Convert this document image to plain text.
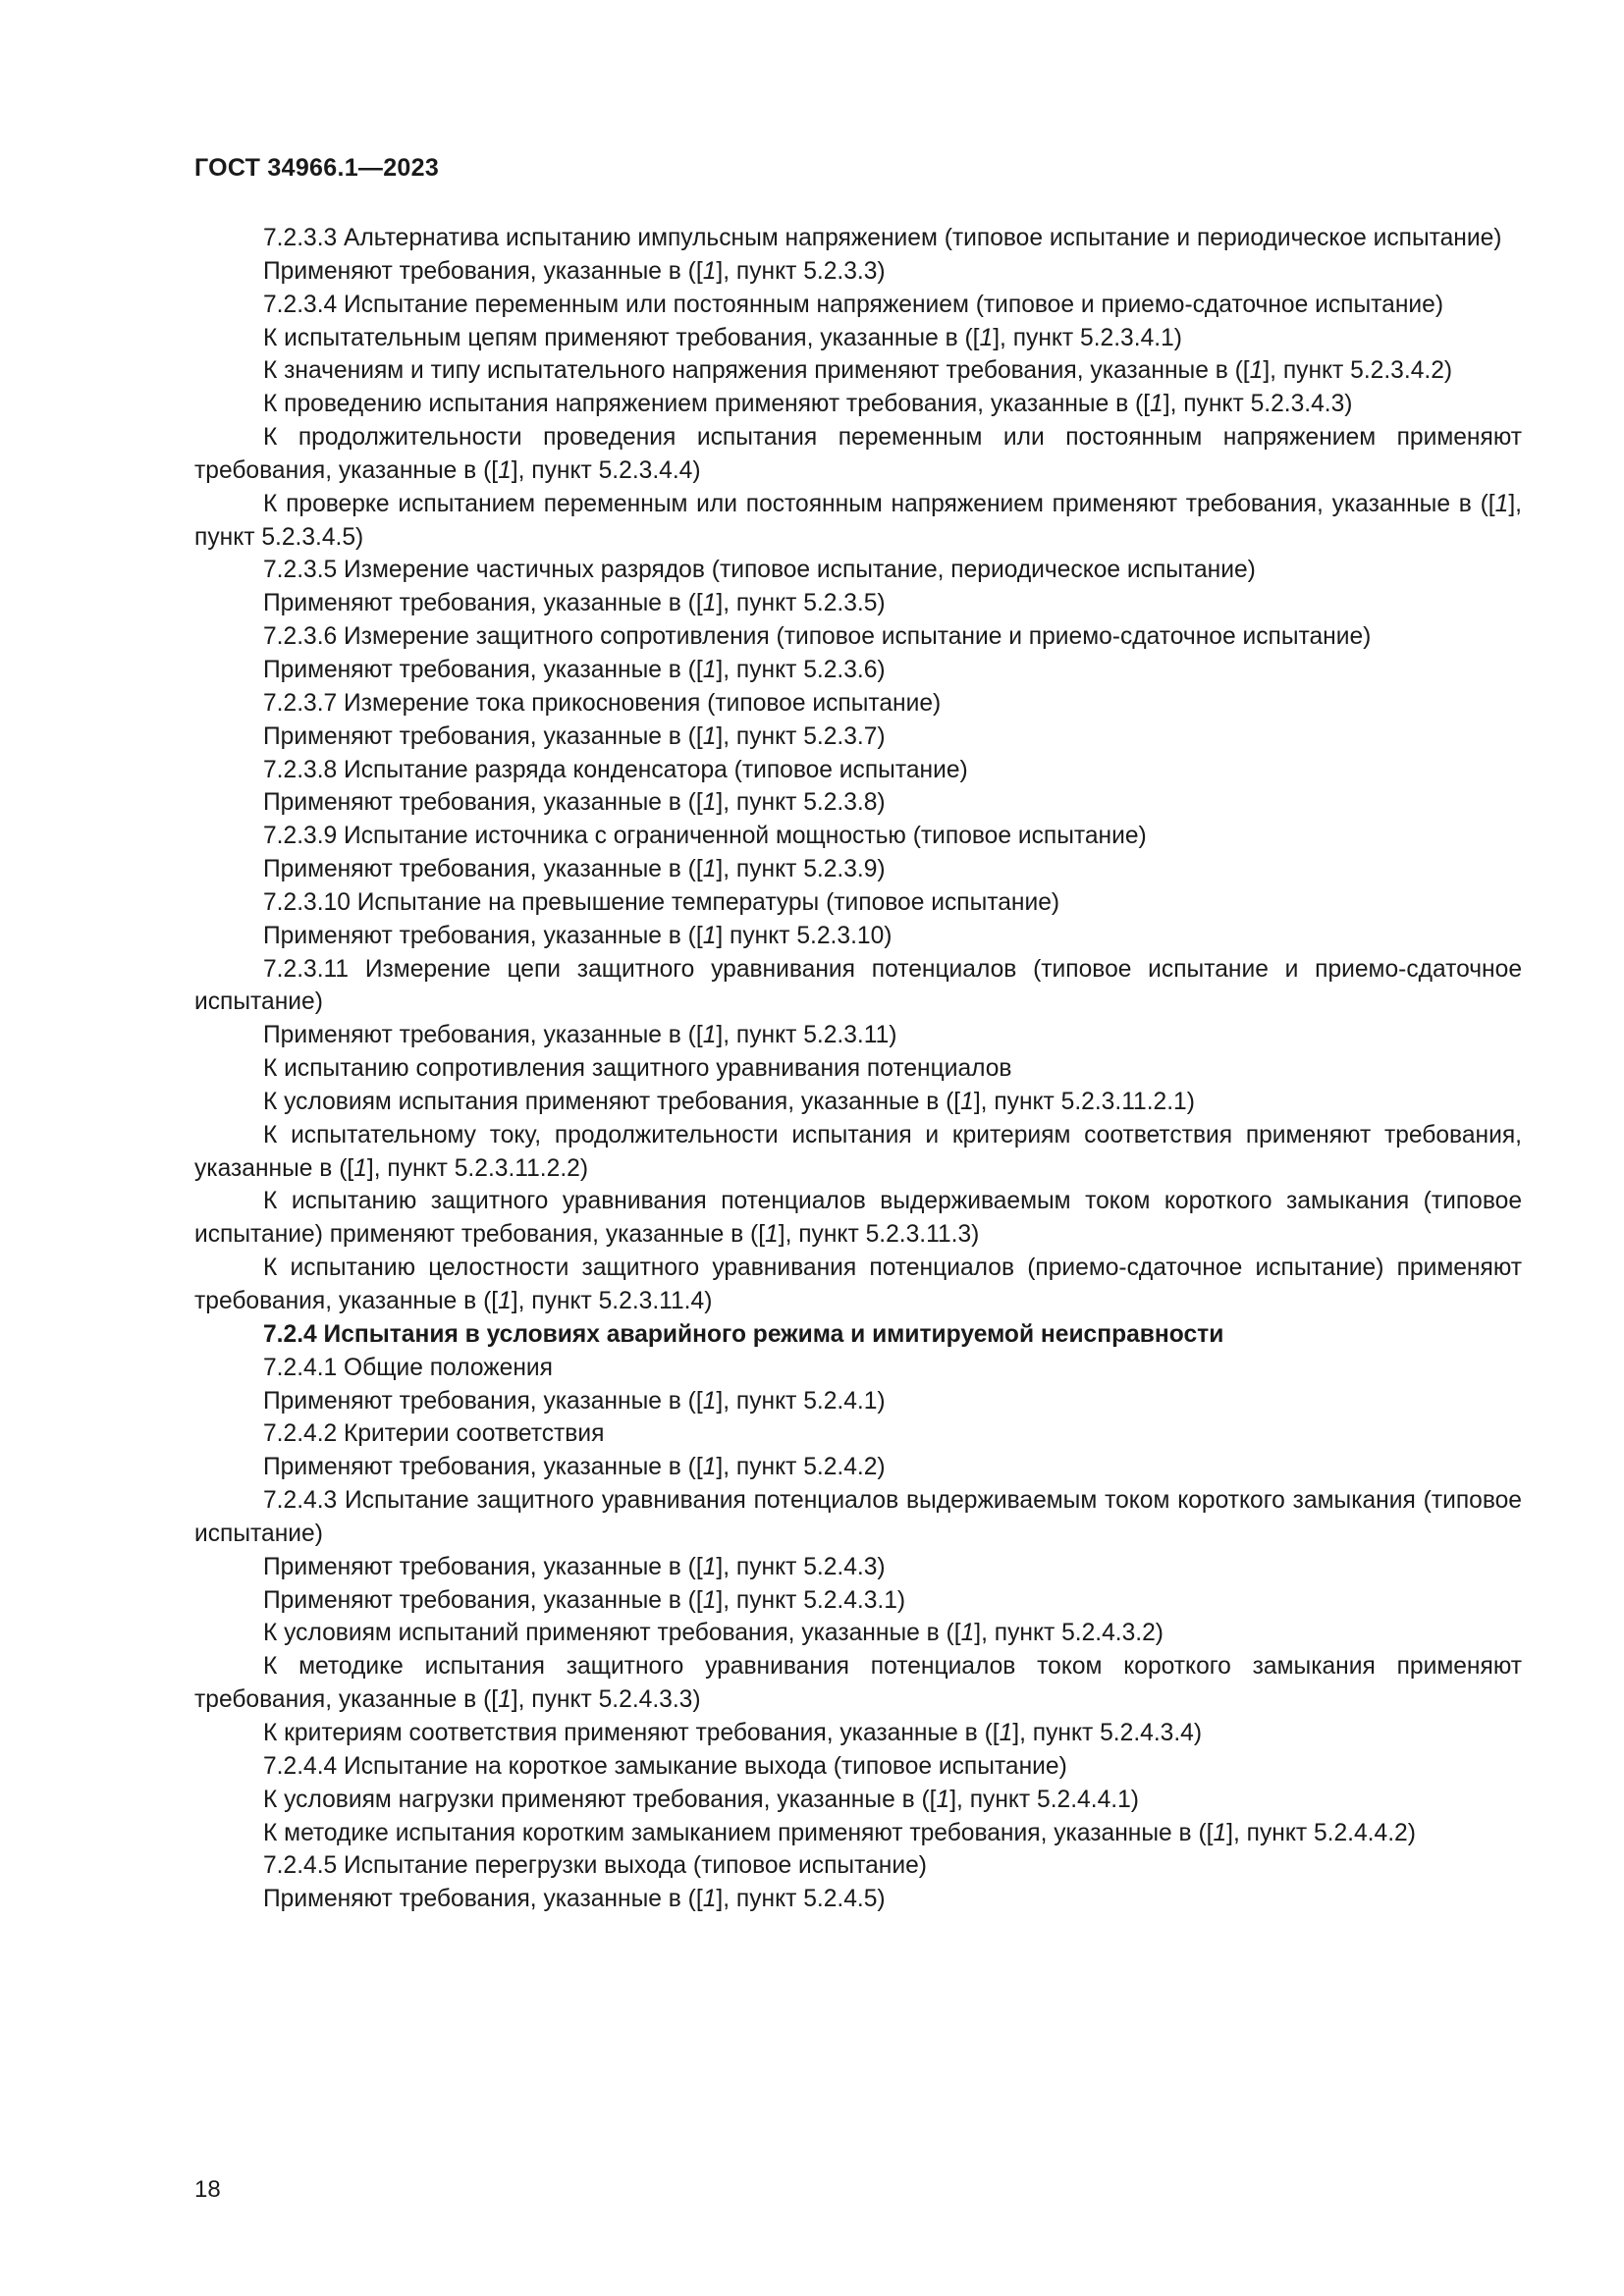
ГОСТ 34966.1—2023

7.2.3.3 Альтернатива испытанию импульсным напряжением (типовое испытание и периодическое испытание)

Применяют требования, указанные в ([1], пункт 5.2.3.3)

7.2.3.4 Испытание переменным или постоянным напряжением (типовое и приемо-сдаточное испытание)

К испытательным цепям применяют требования, указанные в ([1], пункт 5.2.3.4.1)

К значениям и типу испытательного напряжения применяют требования, указанные в ([1], пункт 5.2.3.4.2)

К проведению испытания напряжением применяют требования, указанные в ([1], пункт 5.2.3.4.3)

К продолжительности проведения испытания переменным или постоянным напряжением применяют требования, указанные в ([1], пункт 5.2.3.4.4)

К проверке испытанием переменным или постоянным напряжением применяют требования, указанные в ([1], пункт 5.2.3.4.5)

7.2.3.5 Измерение частичных разрядов (типовое испытание, периодическое испытание)

Применяют требования, указанные в ([1], пункт 5.2.3.5)

7.2.3.6 Измерение защитного сопротивления (типовое испытание и приемо-сдаточное испытание)

Применяют требования, указанные в ([1], пункт 5.2.3.6)

7.2.3.7 Измерение тока прикосновения (типовое испытание)

Применяют требования, указанные в ([1], пункт 5.2.3.7)

7.2.3.8 Испытание разряда конденсатора (типовое испытание)

Применяют требования, указанные в ([1], пункт 5.2.3.8)

7.2.3.9 Испытание источника с ограниченной мощностью (типовое испытание)

Применяют требования, указанные в ([1], пункт 5.2.3.9)

7.2.3.10 Испытание на превышение температуры (типовое испытание)

Применяют требования, указанные в ([1] пункт 5.2.3.10)

7.2.3.11 Измерение цепи защитного уравнивания потенциалов (типовое испытание и приемо-сдаточное испытание)

Применяют требования, указанные в ([1], пункт 5.2.3.11)

К испытанию сопротивления защитного уравнивания потенциалов

К условиям испытания применяют требования, указанные в ([1], пункт 5.2.3.11.2.1)

К испытательному току, продолжительности испытания и критериям соответствия применяют требования, указанные в ([1], пункт 5.2.3.11.2.2)

К испытанию защитного уравнивания потенциалов выдерживаемым током короткого замыкания (типовое испытание) применяют требования, указанные в ([1], пункт 5.2.3.11.3)

К испытанию целостности защитного уравнивания потенциалов (приемо-сдаточное испытание) применяют требования, указанные в ([1], пункт 5.2.3.11.4)

7.2.4 Испытания в условиях аварийного режима и имитируемой неисправности

7.2.4.1 Общие положения

Применяют требования, указанные в ([1], пункт 5.2.4.1)

7.2.4.2 Критерии соответствия

Применяют требования, указанные в ([1], пункт 5.2.4.2)

7.2.4.3 Испытание защитного уравнивания потенциалов выдерживаемым током короткого замыкания (типовое испытание)

Применяют требования, указанные в ([1], пункт 5.2.4.3)

Применяют требования, указанные в ([1], пункт 5.2.4.3.1)

К условиям испытаний применяют требования, указанные в ([1], пункт 5.2.4.3.2)

К методике испытания защитного уравнивания потенциалов током короткого замыкания применяют требования, указанные в ([1], пункт 5.2.4.3.3)

К критериям соответствия применяют требования, указанные в ([1], пункт 5.2.4.3.4)

7.2.4.4 Испытание на короткое замыкание выхода (типовое испытание)

К условиям нагрузки применяют требования, указанные в ([1], пункт 5.2.4.4.1)

К методике испытания коротким замыканием применяют требования, указанные в ([1], пункт 5.2.4.4.2)

7.2.4.5 Испытание перегрузки выхода (типовое испытание)

Применяют требования, указанные в ([1], пункт 5.2.4.5)

18
